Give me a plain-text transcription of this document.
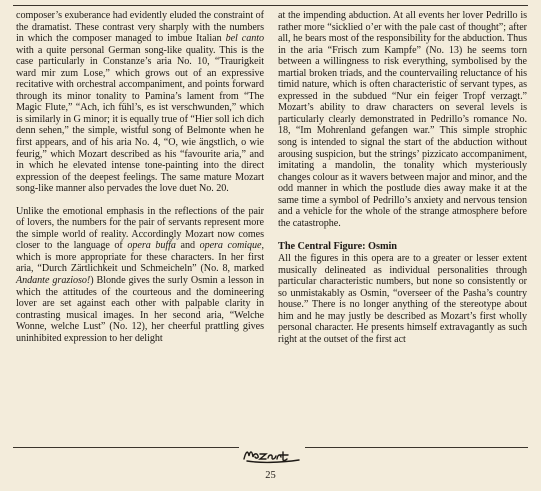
composer’s exuberance had evidently eluded the constraint of the dramatist. These contrast very sharply with the numbers in which the composer managed to imbue Italian bel canto with a quite personal German song-like quality. This is the case particularly in Constanze’s aria No. 10, “Traurigkeit ward mir zum Lose,” which grows out of an expressive recitative with orchestral accompaniment, and points forward through its minor tonality to Pamina’s lament from “The Magic Flute,” “Ach, ich fühl’s, es ist verschwunden,” which is similarly in G minor; it is equally true of “Hier soll ich dich denn sehen,” the simple, wistful song of Belmonte when he first appears, and of his aria No. 4, “O, wie ängstlich, o wie feurig,” which Mozart described as his “favourite aria,” and in which he elevated intense tone-painting into the direct expression of the deepest feelings. The same mature Mozart song-like manner also pervades the love duet No. 20.

Unlike the emotional emphasis in the reflections of the pair of lovers, the numbers for the pair of servants represent more the simple world of reality. Accordingly Mozart now comes closer to the language of opera buffa and opera comique, which is more appropriate for these characters. In her first aria, “Durch Zärtlichkeit und Schmeicheln” (No. 8, marked Andante grazioso!) Blonde gives the surly Osmin a lesson in which the attitudes of the courteous and the domineering lover are set against each other with palpable clarity in contrasting musical images. In her second aria, “Welche Wonne, welche Lust” (No. 12), her cheerful prattling gives uninhibited expression to her delight

at the impending abduction. At all events her lover Pedrillo is rather more “sicklied o’er with the pale cast of thought”; after all, he bears most of the responsibility for the abduction. Thus in the aria “Frisch zum Kampfe” (No. 13) he seems torn between a willingness to risk everything, symbolised by the martial broken triads, and the countervailing reluctance of his timid nature, which is often characteristic of servant types, as expressed in the subdued “Nur ein feiger Tropf verzagt.” Mozart’s ability to draw characters on several levels is particularly clearly demonstrated in Pedrillo’s romance No. 18, “Im Mohrenland gefangen war.” This simple strophic song is intended to signal the start of the abduction without arousing suspicion, but the strings’ pizzicato accompaniment, imitating a mandolin, the tonality which mysteriously changes colour as it wavers between major and minor, and the odd manner in which the postlude dies away make it at the same time a symbol of Pedrillo’s anxiety and nervous tension and a vehicle for the whole of the strange atmosphere before the catastrophe.

The Central Figure: Osmin

All the figures in this opera are to a greater or lesser extent musically delineated as individual personalities through particular characteristic numbers, but none so consistently or so unmistakably as Osmin, “overseer of the Pasha’s country house.” There is no longer anything of the stereotype about him and he may justly be described as Mozart’s first wholly personal character. He presents himself extravagantly as such right at the outset of the first act

25
